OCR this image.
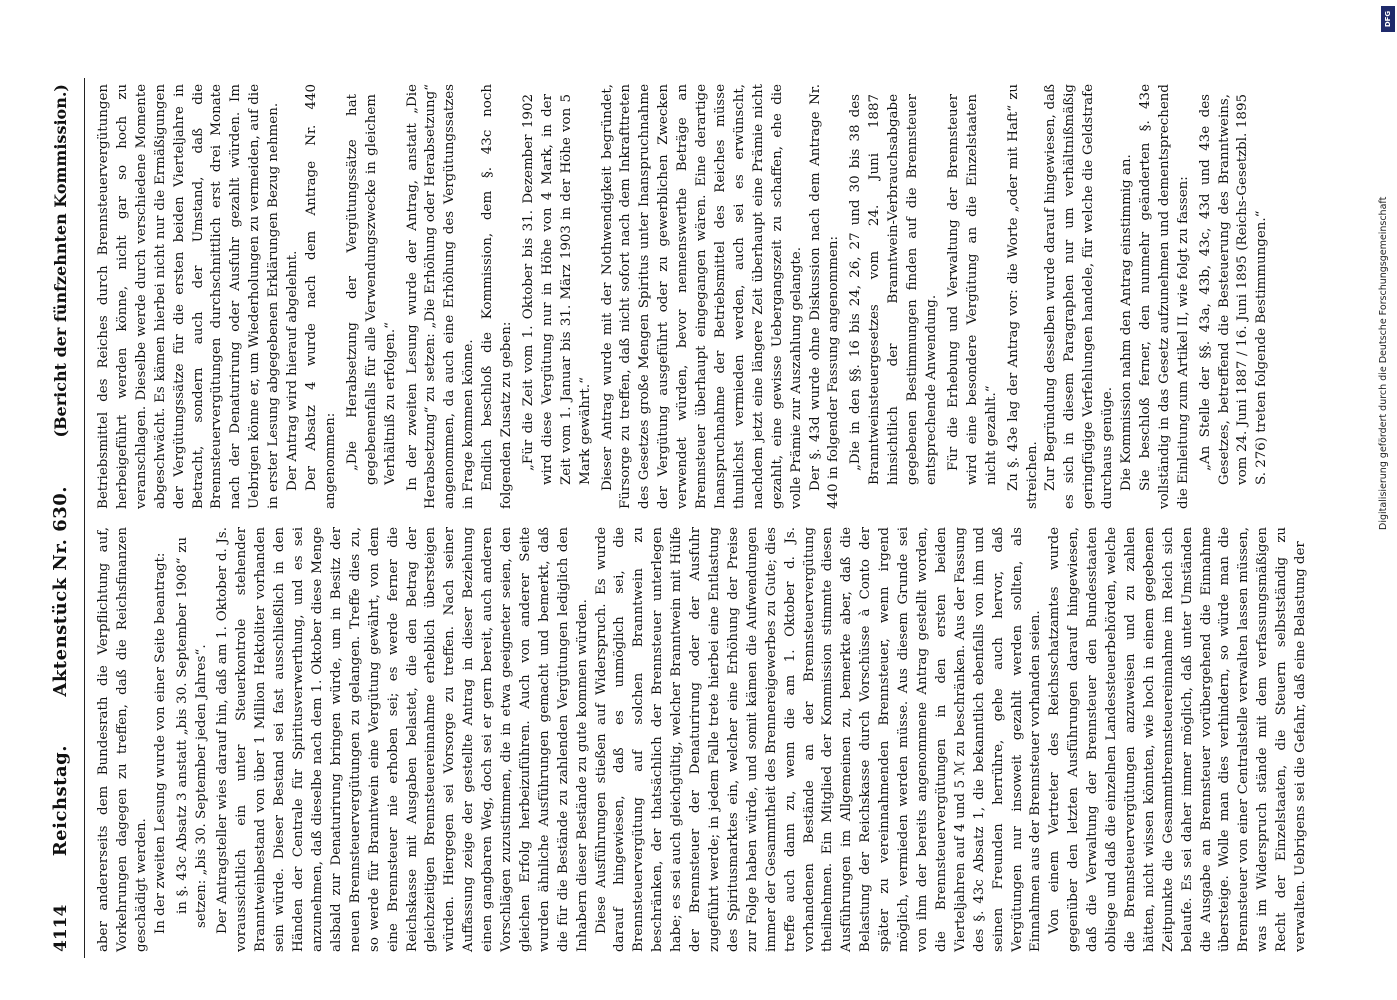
4114
Reichstag.
Aktenstück Nr. 630.
(Bericht der fünfzehnten Kommission.)

aber andererseits dem Bundesrath die Verpflichtung auf, Vorkehrungen dagegen zu treffen, daß die Reichsfinanzen geschädigt werden. In der zweiten Lesung wurde von einer Seite beantragt: in §. 43c Absatz 3 anstatt „bis 30. September 1908“ zu setzen: „bis 30. September jeden Jahres“. Der Antragsteller wies darauf hin, daß am 1. Oktober d. Js. voraussichtlich ein unter Steuerkontrole stehender Branntweinbestand von über 1 Million Hektoliter vorhanden sein würde. Dieser Bestand sei fast ausschließlich in den Händen der Centrale für Spiritusverwerthung, und es sei anzunehmen, daß dieselbe nach dem 1. Oktober diese Menge alsbald zur Denaturirung bringen würde, um in Besitz der neuen Brennsteuervergütungen zu gelangen. Treffe dies zu, so werde für Branntwein eine Vergütung gewährt, von dem eine Brennsteuer nie erhoben sei; es werde ferner die Reichskasse mit Ausgaben belastet, die den Betrag der gleichzeitigen Brennsteuereinnahme erheblich übersteigen würden. Hiergegen sei Vorsorge zu treffen. Nach seiner Auffassung zeige der gestellte Antrag in dieser Beziehung einen gangbaren Weg, doch sei er gern bereit, auch anderen Vorschlägen zuzustimmen, die in etwa geeigneter seien, den gleichen Erfolg herbeizuführen. Auch von anderer Seite wurden ähnliche Ausführungen gemacht und bemerkt, daß die für die Bestände zu zahlenden Vergütungen lediglich den Inhabern dieser Bestände zu gute kommen würden. Diese Ausführungen stießen auf Widerspruch. Es wurde darauf hingewiesen, daß es unmöglich sei, die Brennsteuervergütung auf solchen Branntwein zu beschränken, der thatsächlich der Brennsteuer unterlegen habe; es sei auch gleichgültig, welcher Branntwein mit Hülfe der Brennsteuer der Denaturirung oder der Ausfuhr zugeführt werde; in jedem Falle trete hierbei eine Entlastung des Spiritusmarktes ein, welcher eine Erhöhung der Preise zur Folge haben würde, und somit kämen die Aufwendungen immer der Gesammtheit des Brennereigewerbes zu Gute; dies treffe auch dann zu, wenn die am 1. Oktober d. Js. vorhandenen Bestände an der Brennsteuervergütung theilnehmen. Ein Mitglied der Kommission stimmte diesen Ausführungen im Allgemeinen zu, bemerkte aber, daß die Belastung der Reichskasse durch Vorschüsse à Conto der später zu vereinnahmenden Brennsteuer, wenn irgend möglich, vermieden werden müsse. Aus diesem Grunde sei von ihm der bereits angenommene Antrag gestellt worden, die Brennsteuervergütungen in den ersten beiden Vierteljahren auf 4 und 5 ℳ zu beschränken. Aus der Fassung des §. 43c Absatz 1, die bekanntlich ebenfalls von ihm und seinen Freunden herrühre, gehe auch hervor, daß Vergütungen nur insoweit gezahlt werden sollten, als Einnahmen aus der Brennsteuer vorhanden seien. Von einem Vertreter des Reichsschatzamtes wurde gegenüber den letzten Ausführungen darauf hingewiesen, daß die Verwaltung der Brennsteuer den Bundesstaaten obliege und daß die einzelnen Landessteuerbehörden, welche die Brennsteuervergütungen anzuweisen und zu zahlen hätten, nicht wissen könnten, wie hoch in einem gegebenen Zeitpunkte die Gesammtbrennsteuereinnahme im Reich sich belaufe. Es sei daher immer möglich, daß unter Umständen die Ausgabe an Brennsteuer vorübergehend die Einnahme übersteige. Wolle man dies verhindern, so würde man die Brennsteuer von einer Centralstelle verwalten lassen müssen, was im Widerspruch stände mit dem verfassungsmäßigen Recht der Einzelstaaten, die Steuern selbstständig zu verwalten. Uebrigens sei die Gefahr, daß eine Belastung der

Betriebsmittel des Reiches durch Brennsteuervergütungen herbeigeführt werden könne, nicht gar so hoch zu veranschlagen. Dieselbe werde durch verschiedene Momente abgeschwächt. Es kämen hierbei nicht nur die Ermäßigungen der Vergütungssätze für die ersten beiden Vierteljahre in Betracht, sondern auch der Umstand, daß die Brennsteuervergütungen durchschnittlich erst drei Monate nach der Denaturirung oder Ausfuhr gezahlt würden. Im Uebrigen könne er, um Wiederholungen zu vermeiden, auf die in erster Lesung abgegebenen Erklärungen Bezug nehmen. Der Antrag wird hierauf abgelehnt. Der Absatz 4 wurde nach dem Antrage Nr. 440 angenommen: „Die Herabsetzung der Vergütungssätze hat gegebenenfalls für alle Verwendungszwecke in gleichem Verhältniß zu erfolgen.“ In der zweiten Lesung wurde der Antrag, anstatt „Die Herabsetzung“ zu setzen: „Die Erhöhung oder Herabsetzung“ angenommen, da auch eine Erhöhung des Vergütungssatzes in Frage kommen könne. Endlich beschloß die Kommission, dem §. 43c noch folgenden Zusatz zu geben: „Für die Zeit vom 1. Oktober bis 31. Dezember 1902 wird diese Vergütung nur in Höhe von 4 Mark, in der Zeit vom 1. Januar bis 31. März 1903 in der Höhe von 5 Mark gewährt.“ Dieser Antrag wurde mit der Nothwendigkeit begründet, Fürsorge zu treffen, daß nicht sofort nach dem Inkrafttreten des Gesetzes große Mengen Spiritus unter Inanspruchnahme der Vergütung ausgeführt oder zu gewerblichen Zwecken verwendet würden, bevor nennenswerthe Beträge an Brennsteuer überhaupt eingegangen wären. Eine derartige Inanspruchnahme der Betriebsmittel des Reiches müsse thunlichst vermieden werden, auch sei es erwünscht, nachdem jetzt eine längere Zeit überhaupt eine Prämie nicht gezahlt, eine gewisse Uebergangszeit zu schaffen, ehe die volle Prämie zur Auszahlung gelangte. Der §. 43d wurde ohne Diskussion nach dem Antrage Nr. 440 in folgender Fassung angenommen: „Die in den §§. 16 bis 24, 26, 27 und 30 bis 38 des Branntweinsteuergesetzes vom 24. Juni 1887 hinsichtlich der Branntwein-Verbrauchsabgabe gegebenen Bestimmungen finden auf die Brennsteuer entsprechende Anwendung. Für die Erhebung und Verwaltung der Brennsteuer wird eine besondere Vergütung an die Einzelstaaten nicht gezahlt.“ Zu §. 43e lag der Antrag vor: die Worte „oder mit Haft“ zu streichen. Zur Begründung desselben wurde darauf hingewiesen, daß es sich in diesem Paragraphen nur um verhältnißmäßig geringfügige Verfehlungen handele, für welche die Geldstrafe durchaus genüge. Die Kommission nahm den Antrag einstimmig an. Sie beschloß ferner, den nunmehr geänderten §. 43e vollständig in das Gesetz aufzunehmen und dementsprechend die Einleitung zum Artikel II, wie folgt zu fassen: „An Stelle der §§. 43a, 43b, 43c, 43d und 43e des Gesetzes, betreffend die Besteuerung des Branntweins, vom 24. Juni 1887 / 16. Juni 1895 (Reichs-Gesetzbl. 1895 S. 276) treten folgende Bestimmungen.“	Digitalisierung gefördert durch die Deutsche Forschungsgemeinschaft
DFG
